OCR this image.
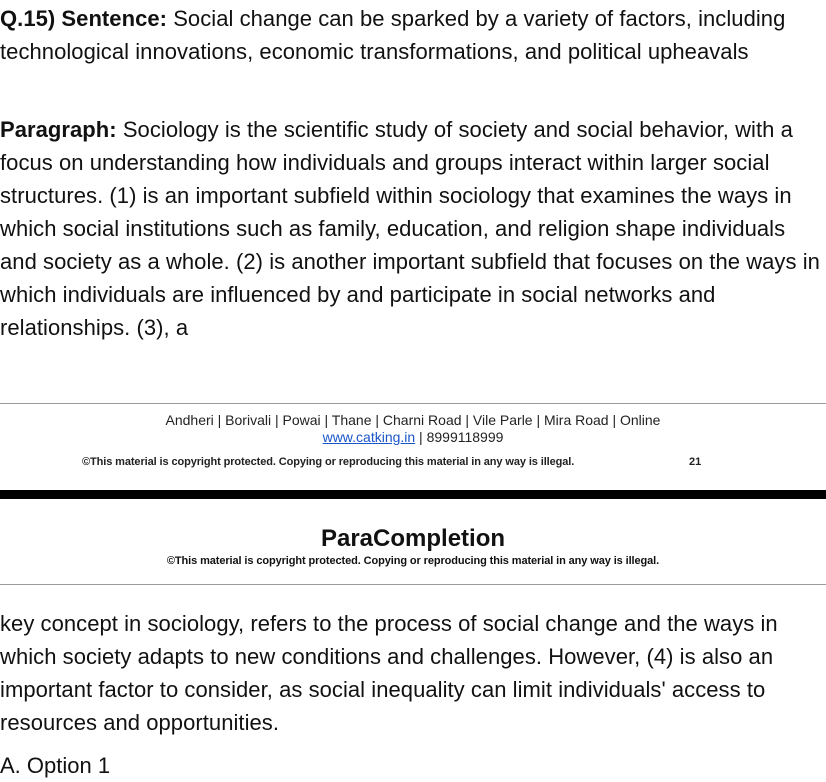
Q.15) Sentence: Social change can be sparked by a variety of factors, including technological innovations, economic transformations, and political upheavals

Paragraph: Sociology is the scientific study of society and social behavior, with a focus on understanding how individuals and groups interact within larger social structures. (1) is an important subfield within sociology that examines the ways in which social institutions such as family, education, and religion shape individuals and society as a whole. (2) is another important subfield that focuses on the ways in which individuals are influenced by and participate in social networks and relationships. (3), a

Andheri | Borivali | Powai | Thane | Charni Road | Vile Parle | Mira Road | Online
www.catking.in | 8999118999
©This material is copyright protected. Copying or reproducing this material in any way is illegal.	21
ParaCompletion
©This material is copyright protected. Copying or reproducing this material in any way is illegal.

key concept in sociology, refers to the process of social change and the ways in which society adapts to new conditions and challenges. However, (4) is also an important factor to consider, as social inequality can limit individuals' access to resources and opportunities.

A. Option 1
